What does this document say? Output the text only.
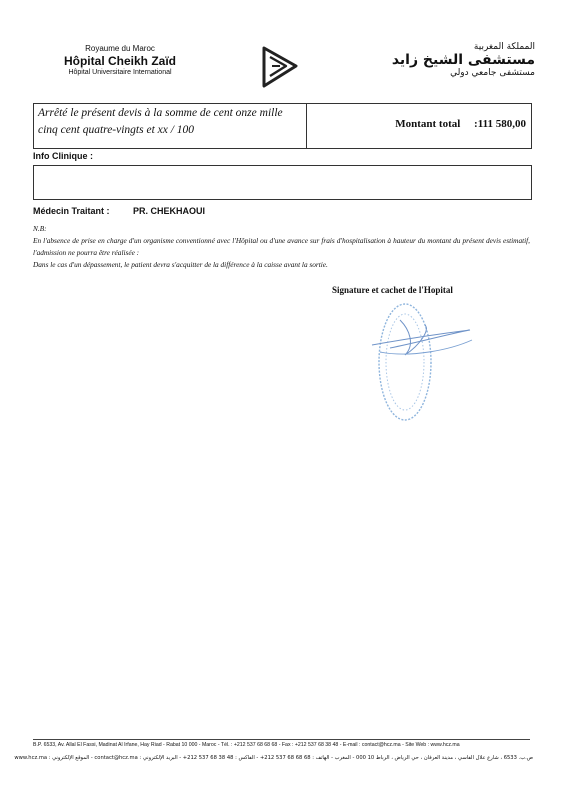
Royaume du Maroc
Hôpital Cheikh Zaïd
Hôpital Universitaire International
المملكة المغربية
مستشفى الشيخ زايد
مستشفى جامعي دولي
Arrêté le présent devis à la somme de cent onze mille cinq cent quatre-vingts et xx / 100	Montant total :111 580,00
Info Clinique :
Médecin Traitant :	PR. CHEKHAOUI

N.B:

En l'absence de prise en charge d'un organisme conventionné avec l'Hôpital ou d'une avance sur frais d'hospitalisation à hauteur du montant du présent devis estimatif, l'admission ne pourra être réalisée :

Dans le cas d'un dépassement, le patient devra s'acquitter de la différence à la caisse avant la sortie.

Signature et cachet de l'Hopital
B.P. 6533, Av. Allal El Fassi, Madinat Al Irfane, Hay Riad - Rabat 10 000 - Maroc - Tél. : +212 537 68 68 68 - Fax : +212 537 68 38 48 - E-mail : contact@hcz.ma - Site Web : www.hcz.ma
ص.ب. 6533 ، شارع علال الفاسي ، مدينة العرفان ، حي الرياض ، الرباط 10 000 - المغرب - الهاتف : 68 68 68 537 212+ - الفاكس : 48 38 68 537 212+ - البريد الإلكتروني : contact@hcz.ma - الموقع الإلكتروني : www.hcz.ma
